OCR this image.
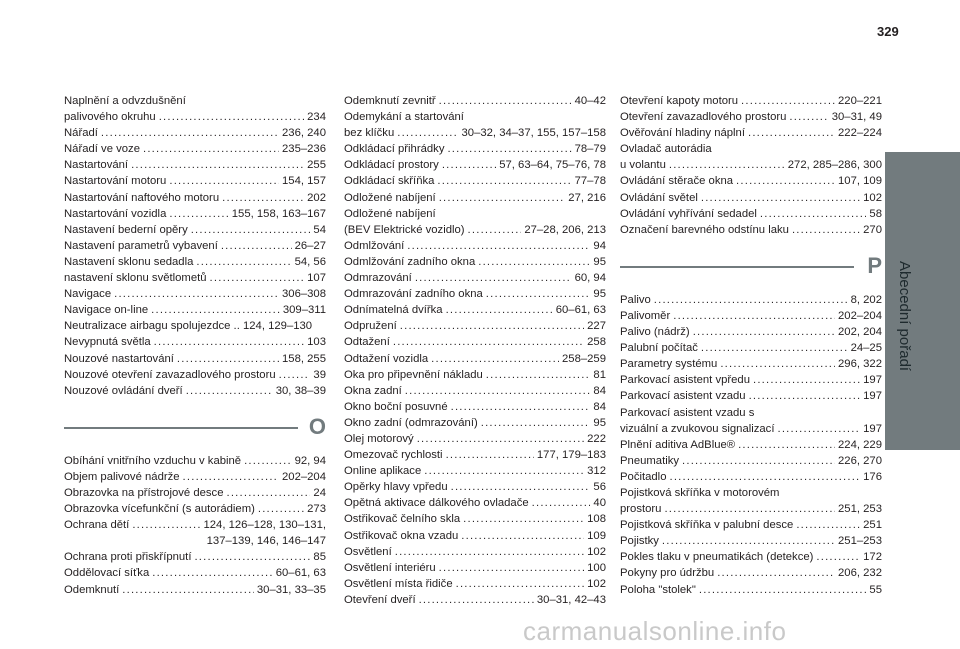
329
Abecední pořadí
Naplnění a odvzdušnění
palivového okruhu .....	234
Nářadí .....	236, 240
Nářadí ve voze .....	235–236
Nastartování .....	255
Nastartování motoru .....	154, 157
Nastartování naftového motoru .....	202
Nastartování vozidla .....	155, 158, 163–167
Nastavení bederní opěry .....	54
Nastavení parametrů vybavení .....	26–27
Nastavení sklonu sedadla .....	54, 56
nastavení sklonu světlometů .....	107
Navigace .....	306–308
Navigace on-line .....	309–311
Neutralizace airbagu spolujezdce .. 124, 129–130
Nevypnutá světla .....	103
Nouzové nastartování .....	158, 255
Nouzové otevření zavazadlového prostoru .....	39
Nouzové ovládání dveří .....	30, 38–39
O
Obíhání vnitřního vzduchu v kabině .....	92, 94
Objem palivové nádrže .....	202–204
Obrazovka na přístrojové desce .....	24
Obrazovka vícefunkční (s autorádiem) .....	273
Ochrana dětí .....	124, 126–128, 130–131,
137–139, 146, 146–147
Ochrana proti přiskřípnutí .....	85
Oddělovací síťka .....	60–61, 63
Odemknutí .....	30–31, 33–35
Odemknutí zevnitř .....	40–42
Odemykání a startování
bez klíčku .....	30–32, 34–37, 155, 157–158
Odkládací přihrádky .....	78–79
Odkládací prostory .....	57, 63–64, 75–76, 78
Odkládací skříňka .....	77–78
Odložené nabíjení .....	27, 216
Odložené nabíjení
(BEV Elektrické vozidlo) .....	27–28, 206, 213
Odmlžování .....	94
Odmlžování zadního okna .....	95
Odmrazování .....	60, 94
Odmrazování zadního okna .....	95
Odnímatelná dvířka .....	60–61, 63
Odpružení .....	227
Odtažení .....	258
Odtažení vozidla .....	258–259
Oka pro připevnění nákladu .....	81
Okna zadní .....	84
Okno boční posuvné .....	84
Okno zadní (odmrazování) .....	95
Olej motorový .....	222
Omezovač rychlosti .....	177, 179–183
Online aplikace .....	312
Opěrky hlavy vpředu .....	56
Opětná aktivace dálkového ovladače .....	40
Ostřikovač čelního skla .....	108
Ostřikovač okna vzadu .....	109
Osvětlení .....	102
Osvětlení interiéru .....	100
Osvětlení místa řidiče .....	102
Otevření dveří .....	30–31, 42–43
Otevření kapoty motoru .....	220–221
Otevření zavazadlového prostoru .....	30–31, 49
Ověřování hladiny náplní .....	222–224
Ovladač autorádia
u volantu .....	272, 285–286, 300
Ovládání stěrače okna .....	107, 109
Ovládání světel .....	102
Ovládání vyhřívání sedadel .....	58
Označení barevného odstínu laku .....	270
P
Palivo .....	8, 202
Palivoměr .....	202–204
Palivo (nádrž) .....	202, 204
Palubní počítač .....	24–25
Parametry systému .....	296, 322
Parkovací asistent vpředu .....	197
Parkovací asistent vzadu .....	197
Parkovací asistent vzadu s
vizuální a zvukovou signalizací .....	197
Plnění aditiva AdBlue® .....	224, 229
Pneumatiky .....	226, 270
Počitadlo .....	176
Pojistková skříňka v motorovém
prostoru .....	251, 253
Pojistková skříňka v palubní desce .....	251
Pojistky .....	251–253
Pokles tlaku v pneumatikách (detekce) .....	172
Pokyny pro údržbu .....	206, 232
Poloha "stolek" .....	55
carmanualsonline.info
